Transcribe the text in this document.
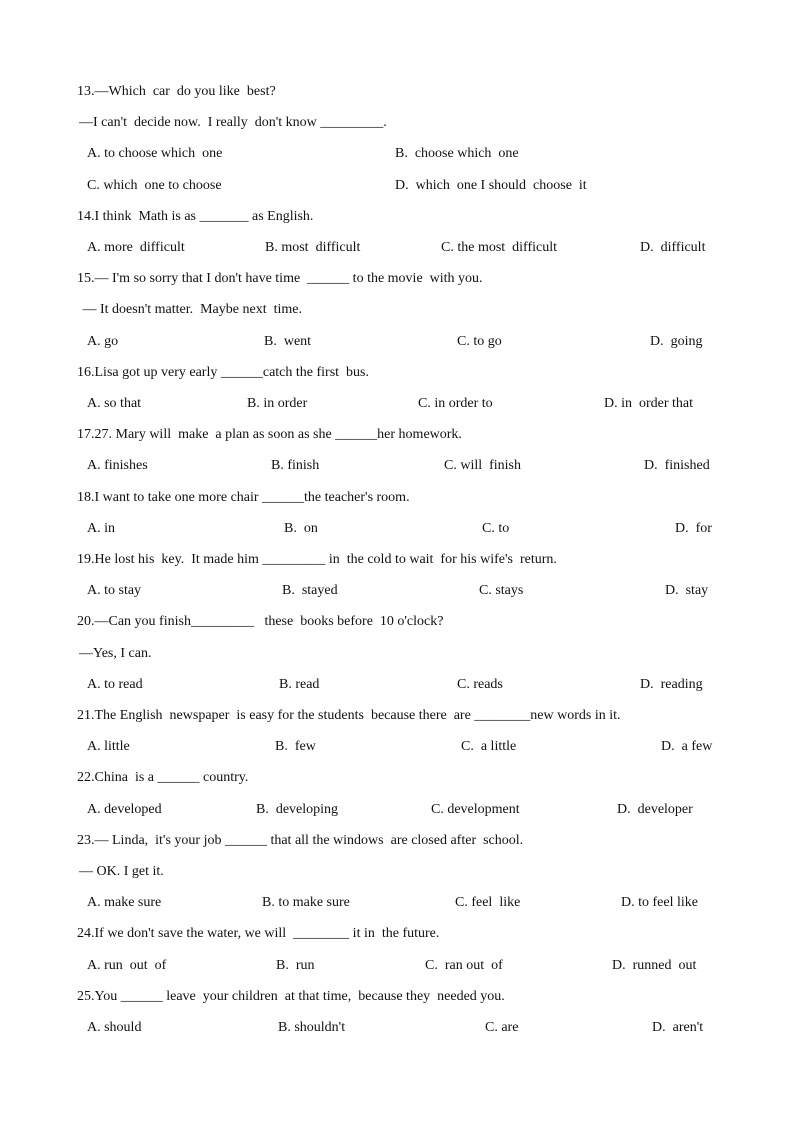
13.—Which  car  do you like  best?
—I can't  decide now.  I really  don't know _________.
A. to choose which  one	B.  choose which  one
C. which  one to choose	D.  which  one I should  choose  it
14.I think  Math is as _______ as English.
A. more  difficult	B. most  difficult	C. the most  difficult	D.  difficult
15.— I'm so sorry that I don't have time  ______ to the movie  with you.
— It doesn't matter.  Maybe next  time.
A. go	B.  went	C. to go	D.  going
16.Lisa got up very early ______catch the first  bus.
A. so that	B. in order	C. in order to	D. in  order that
17.27. Mary will  make  a plan as soon as she ______her homework.
A. finishes	B. finish	C. will  finish	D.  finished
18.I want to take one more chair ______the teacher's room.
A. in	B.  on	C. to	D.  for
19.He lost his  key.  It made him _________ in  the cold to wait  for his wife's  return.
A. to stay	B.  stayed	C. stays	D.  stay
20.—Can you finish_________   these  books before  10 o'clock?
—Yes, I can.
A. to read	B. read	C. reads	D.  reading
21.The English  newspaper  is easy for the students  because there  are ________new words in it.
A. little	B.  few	C.  a little	D.  a few
22.China  is a ______ country.
A. developed	B.  developing	C. development	D.  developer
23.— Linda,  it's your job ______ that all the windows  are closed after  school.
— OK. I get it.
A. make sure	B. to make sure	C. feel  like	D. to feel like
24.If we don't save the water, we will  ________ it in  the future.
A. run  out  of	B.  run	C.  ran out  of	D.  runned  out
25.You ______ leave  your children  at that time,  because they  needed you.
A. should	B. shouldn't	C. are	D.  aren't
